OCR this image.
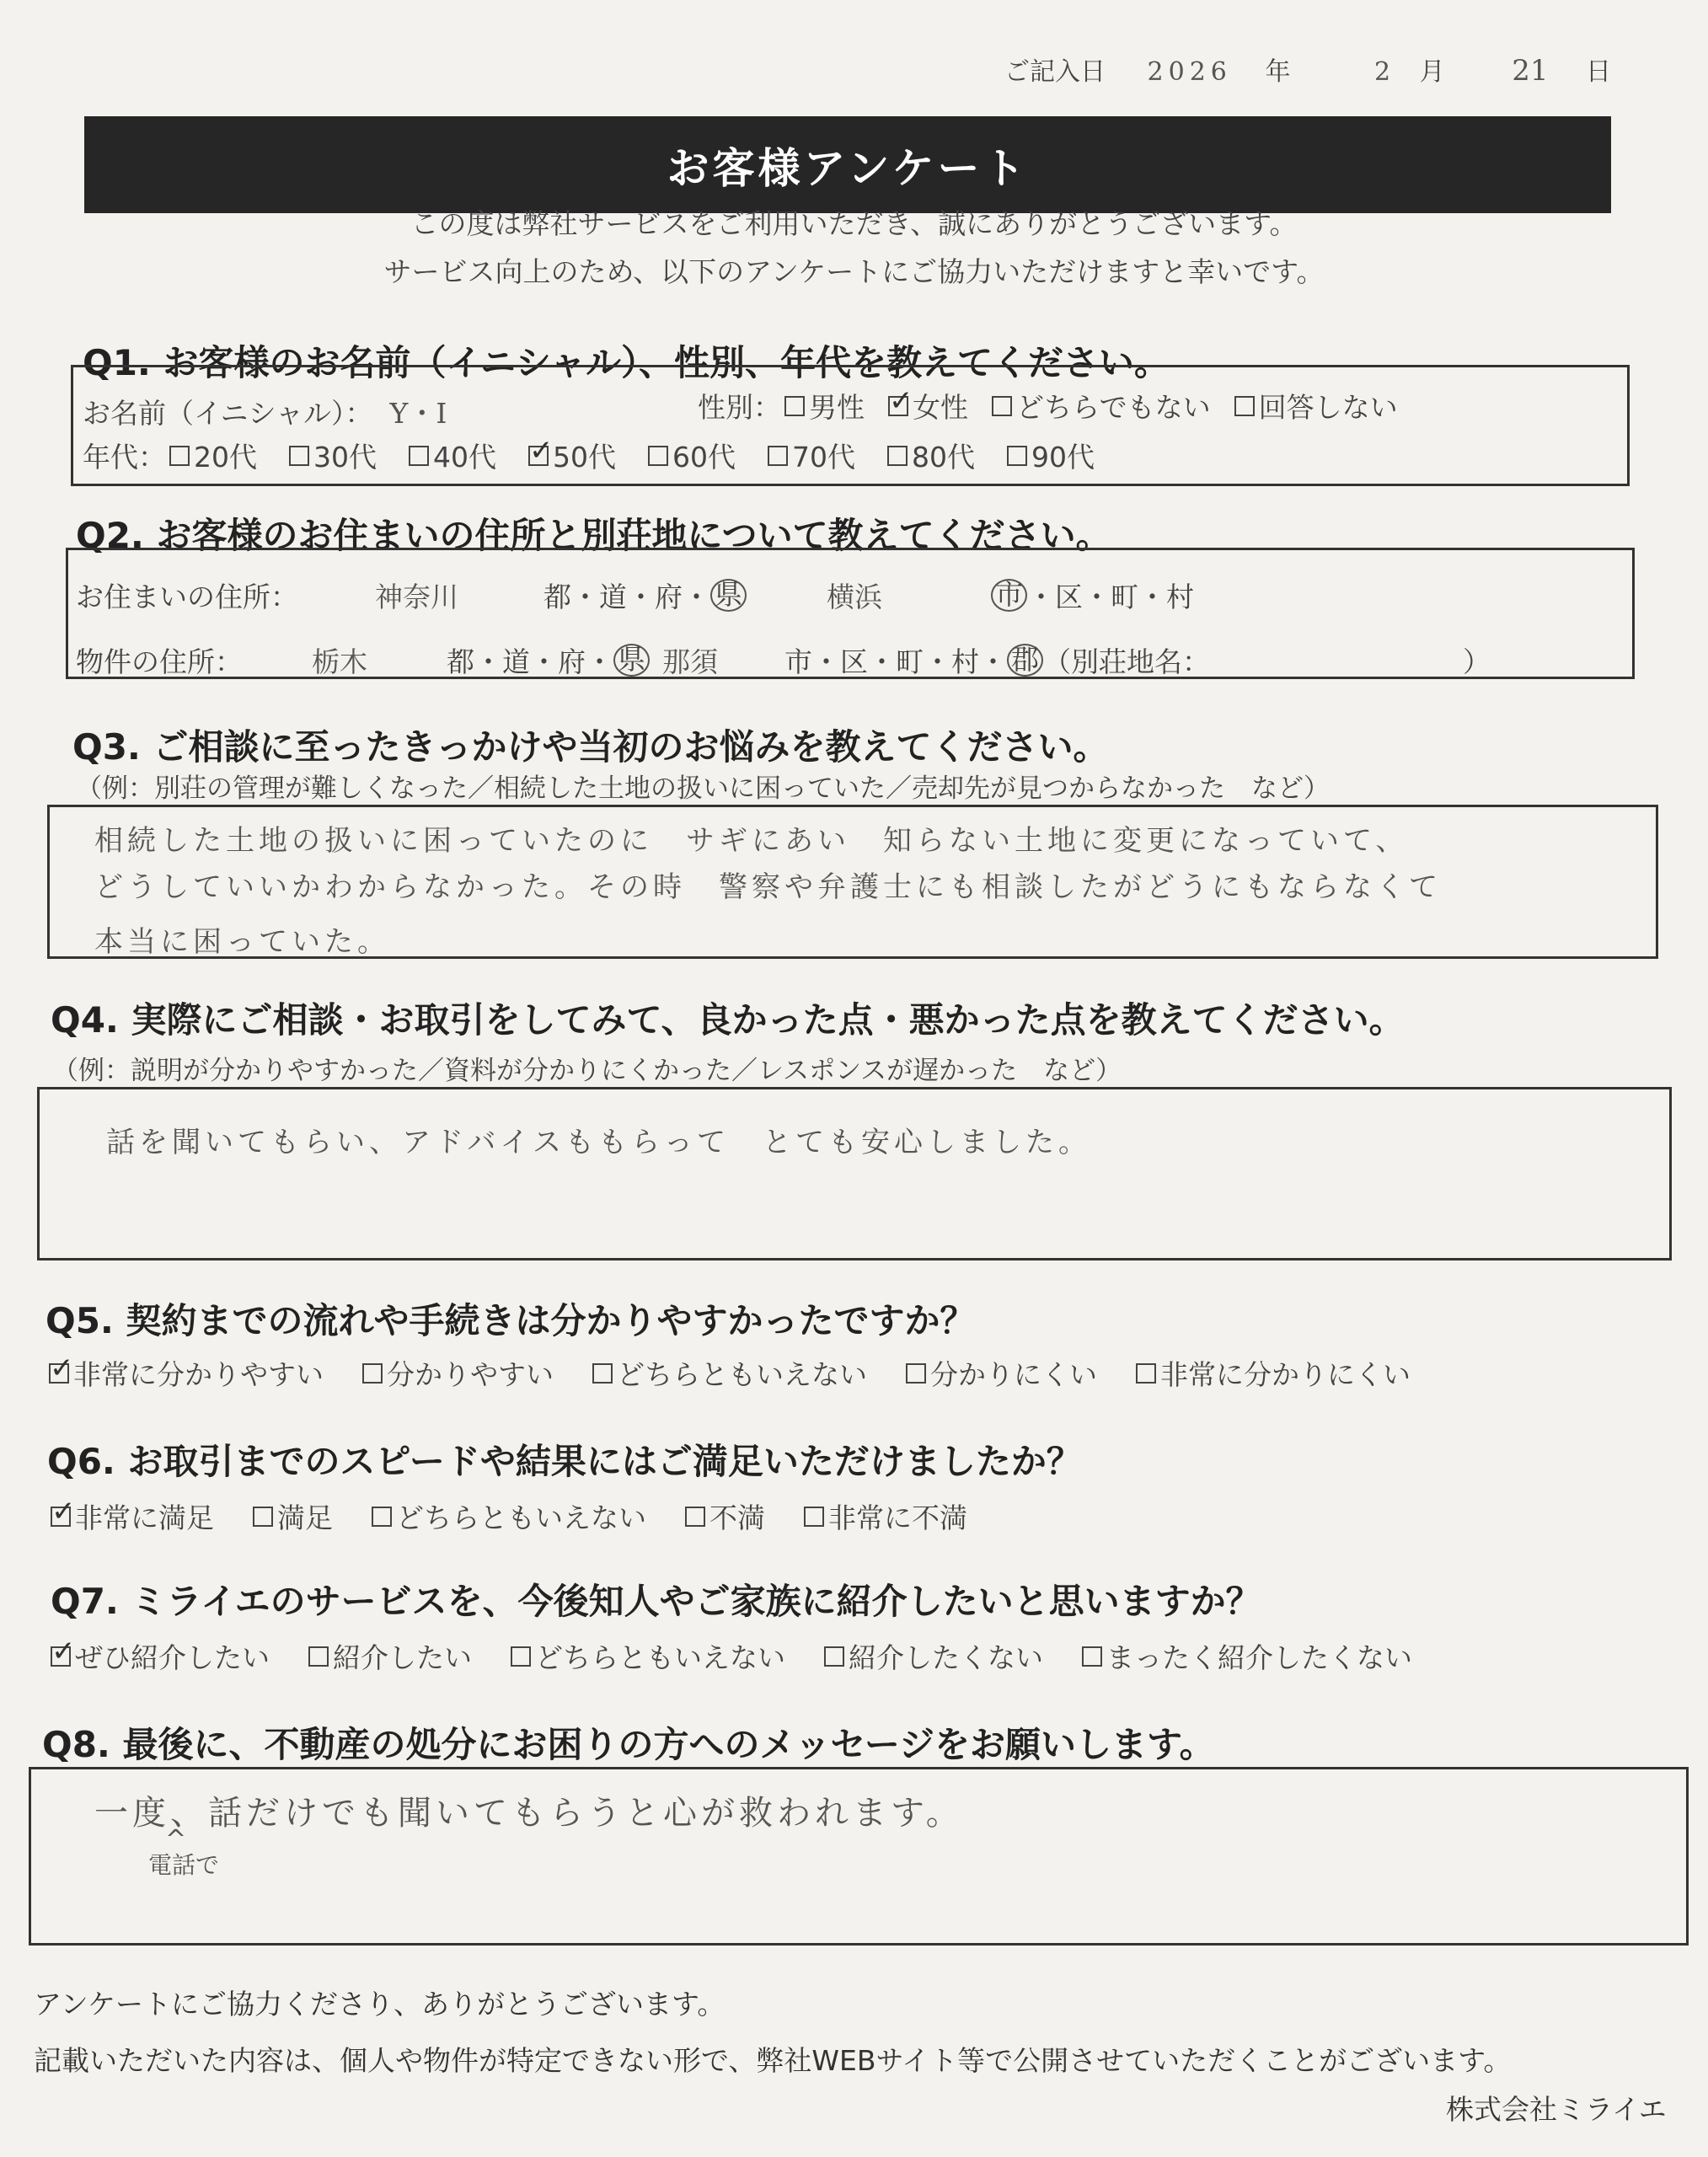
ご記入日 2026 年	2 月 21 日
お客様アンケート
この度は弊社サービスをご利用いただき、誠にありがとうございます。
サービス向上のため、以下のアンケートにご協力いただけますと幸いです。
Q1. お客様のお名前（イニシャル）、性別、年代を教えてください。
お名前（イニシャル）： Y・I	性別： 男性 ✓ 女性 どちらでもない 回答しない
年代： 20代 30代 40代 ✓ 50代 60代 70代 80代 90代
Q2. お客様のお住まいの住所と別荘地について教えてください。
お住まいの住所：	神奈川	都・道・府・ 県	横浜	市 ・区・町・村
物件の住所：	栃木	都・道・府・ 県 那須	市・区・町・村・ 郡 （別荘地名：	）
Q3. ご相談に至ったきっかけや当初のお悩みを教えてください。
（例：別荘の管理が難しくなった／相続した土地の扱いに困っていた／売却先が見つからなかった　など）
相続した土地の扱いに困っていたのに　サギにあい　知らない土地に変更になっていて、
どうしていいかわからなかった。その時　警察や弁護士にも相談したがどうにもならなくて
本当に困っていた。
Q4. 実際にご相談・お取引をしてみて、良かった点・悪かった点を教えてください。
（例：説明が分かりやすかった／資料が分かりにくかった／レスポンスが遅かった　など）
話を聞いてもらい、アドバイスももらって　とても安心しました。
Q5. 契約までの流れや手続きは分かりやすかったですか？
✓
非常に分かりやすい 分かりやすい どちらともいえない 分かりにくい 非常に分かりにくい
Q6. お取引までのスピードや結果にはご満足いただけましたか？
✓
非常に満足 満足 どちらともいえない 不満 非常に不満
Q7. ミライエのサービスを、今後知人やご家族に紹介したいと思いますか？
✓
ぜひ紹介したい 紹介したい どちらともいえない 紹介したくない まったく紹介したくない
Q8. 最後に、不動産の処分にお困りの方へのメッセージをお願いします。
一度、話だけでも聞いてもらうと心が救われます。
電話で
^
アンケートにご協力くださり、ありがとうございます。
記載いただいた内容は、個人や物件が特定できない形で、弊社WEBサイト等で公開させていただくことがございます。
株式会社ミライエ
